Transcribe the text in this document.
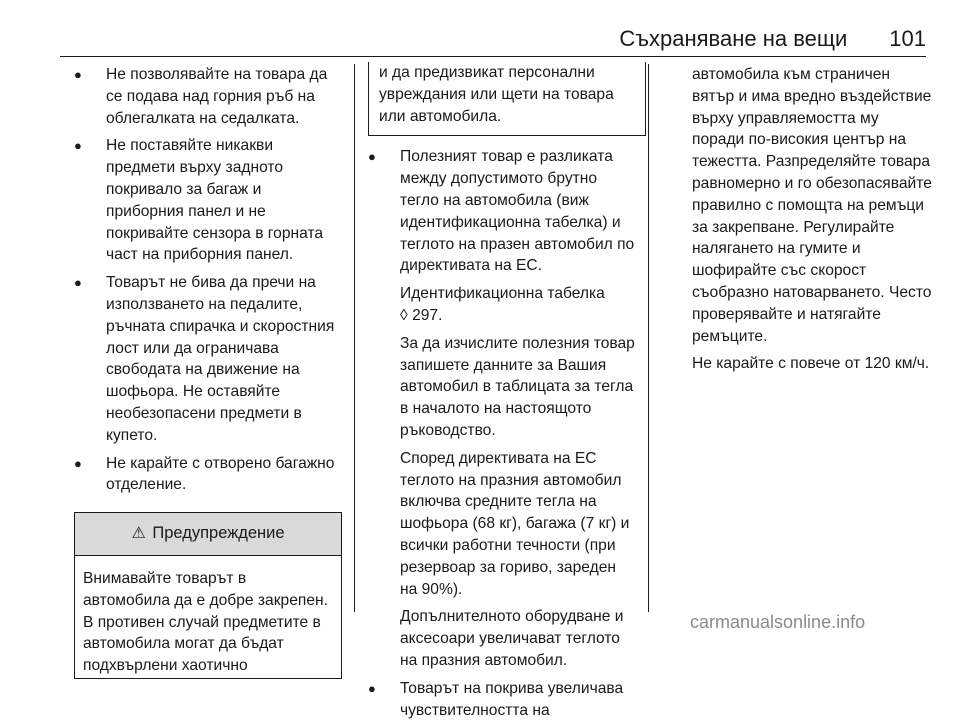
Съхраняване на вещи 101
● Не позволявайте на товара да се подава над горния ръб на облегалката на седалката.
● Не поставяйте никакви предмети върху задното покривало за багаж и приборния панел и не покривайте сензора в горната част на приборния панел.
● Товарът не бива да пречи на използването на педалите, ръчната спирачка и скоростния лост или да ограничава свободата на движение на шофьора. Не оставяйте необезопасени предмети в купето.
● Не карайте с отворено багажно отделение.
⚠ Предупреждение
Внимавайте товарът в автомобила да е добре закрепен. В противен случай предметите в автомобила могат да бъдат подхвърлени хаотично
и да предизвикат персонални увреждания или щети на товара или автомобила.
● Полезният товар е разликата между допустимото брутно тегло на автомобила (виж идентификационна табелка) и теглото на празен автомобил по директивата на ЕС.
Идентификационна табелка
◊ 297.
За да изчислите полезния товар запишете данните за Вашия автомобил в таблицата за тегла в началото на настоящото ръководство.
Според директивата на ЕС теглото на празния автомобил включва средните тегла на шофьора (68 кг), багажа (7 кг) и всички работни течности (при резервоар за гориво, зареден на 90%).
Допълнителното оборудване и аксесоари увеличават теглото на празния автомобил.
● Товарът на покрива увеличава чувствителността на
автомобила към страничен вятър и има вредно въздействие върху управляемостта му поради по-високия център на тежестта. Разпределяйте товара равномерно и го обезопасявайте правилно с помощта на ремъци за закрепване. Регулирайте налягането на гумите и шофирайте със скорост съобразно натоварването. Често проверявайте и натягайте ремъците.
Не карайте с повече от 120 км/ч.
carmanualsonline.info
